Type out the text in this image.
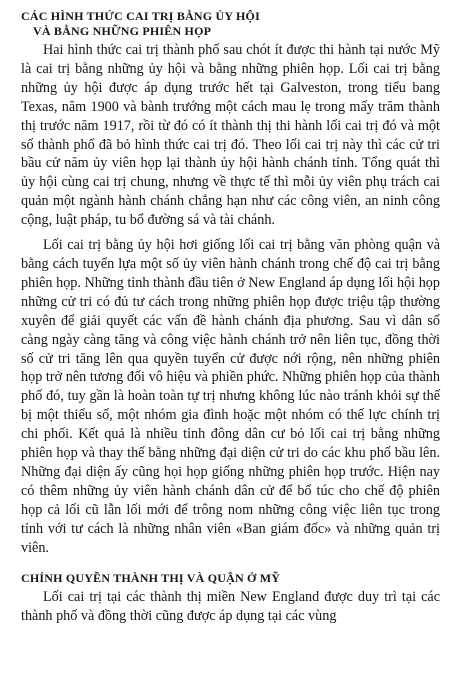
CÁC HÌNH THỨC CAI TRỊ BẰNG ỦY HỘI
VÀ BẰNG NHỮNG PHIÊN HỌP

Hai hình thức cai trị thành phố sau chót ít được thi hành tại nước Mỹ là cai trị bằng những ủy hội và bằng những phiên họp. Lối cai trị bằng những ủy hội được áp dụng trước hết tại Galveston, trong tiểu bang Texas, năm 1900 và bành trướng một cách mau lẹ trong mấy trăm thành thị trước năm 1917, rồi từ đó có ít thành thị thi hành lối cai trị đó và một số thành phố đã bỏ hình thức cai trị đó. Theo lối cai trị này thì các cử tri bầu cử năm ủy viên họp lại thành ủy hội hành chánh tỉnh. Tổng quát thì ủy hội cùng cai trị chung, nhưng về thực tế thì mỗi ủy viên phụ trách cai quản một ngành hành chánh chẳng hạn như các công viên, an ninh công cộng, luật pháp, tu bổ đường sá và tài chánh.

Lối cai trị bằng ủy hội hơi giống lối cai trị bằng văn phòng quận và bằng cách tuyển lựa một số ủy viên hành chánh trong chế độ cai trị bằng phiên họp. Những tỉnh thành đầu tiên ở New England áp dụng lối hội họp những cử tri có đủ tư cách trong những phiên họp được triệu tập thường xuyên để giải quyết các vấn đề hành chánh địa phương. Sau vì dân số càng ngày càng tăng và công việc hành chánh trở nên liên tục, đồng thời số cử tri tăng lên qua quyền tuyển cử được nới rộng, nên những phiên họp trở nên tương đối vô hiệu và phiền phức. Những phiên họp của thành phố đó, tuy gần là hoàn toàn tự trị nhưng không lúc nào tránh khỏi sự thế bị một thiểu số, một nhóm gia đình hoặc một nhóm có thế lực chính trị chi phối. Kết quả là nhiều tỉnh đông dân cư bỏ lối cai trị bằng những phiên họp và thay thế bằng những đại diện cử tri do các khu phố bầu lên. Những đại diện ấy cũng họi họp giống những phiên họp trước. Hiện nay có thêm những ủy viên hành chánh dân cử để bổ túc cho chế độ phiên họp cả lối cũ lẫn lối mới để trông nom những công việc liên tục trong tỉnh với tư cách là những nhân viên «Ban giám đốc» và những quản trị viên.

CHÍNH QUYỀN THÀNH THỊ VÀ QUẬN Ở MỸ

Lối cai trị tại các thành thị miền New England được duy trì tại các thành phố và đồng thời cũng được áp dụng tại các vùng
